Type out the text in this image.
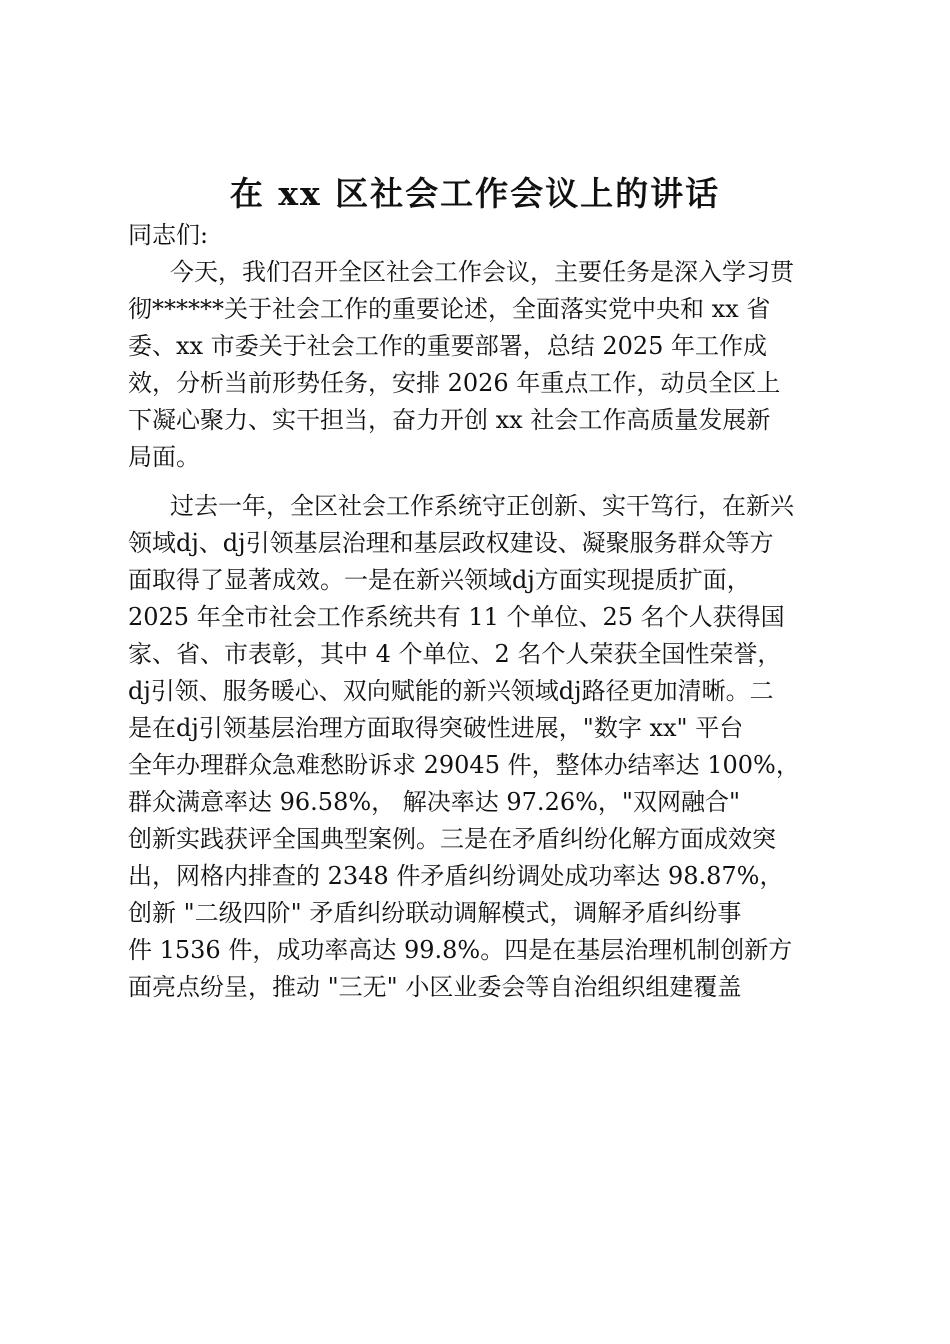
在 xx 区社会工作会议上的讲话
同志们:
今天，我们召开全区社会工作会议，主要任务是深入学习贯
彻******关于社会工作的重要论述，全面落实党中央和 xx 省
委、xx 市委关于社会工作的重要部署，总结 2025 年工作成
效，分析当前形势任务，安排 2026 年重点工作，动员全区上
下凝心聚力、实干担当，奋力开创 xx 社会工作高质量发展新
局面。
过去一年，全区社会工作系统守正创新、实干笃行，在新兴
领域dj、dj引领基层治理和基层政权建设、凝聚服务群众等方
面取得了显著成效。一是在新兴领域dj方面实现提质扩面，
2025 年全市社会工作系统共有 11 个单位、25 名个人获得国
家、省、市表彰，其中 4 个单位、2 名个人荣获全国性荣誉，
dj引领、服务暖心、双向赋能的新兴领域dj路径更加清晰。二
是在dj引领基层治理方面取得突破性进展，"数字 xx" 平台
全年办理群众急难愁盼诉求 29045 件，整体办结率达 100%，
群众满意率达 96.58%， 解决率达 97.26%，"双网融合"
创新实践获评全国典型案例。三是在矛盾纠纷化解方面成效突
出，网格内排查的 2348 件矛盾纠纷调处成功率达 98.87%，
创新 "二级四阶" 矛盾纠纷联动调解模式，调解矛盾纠纷事
件 1536 件，成功率高达 99.8%。四是在基层治理机制创新方
面亮点纷呈，推动 "三无" 小区业委会等自治组织组建覆盖
